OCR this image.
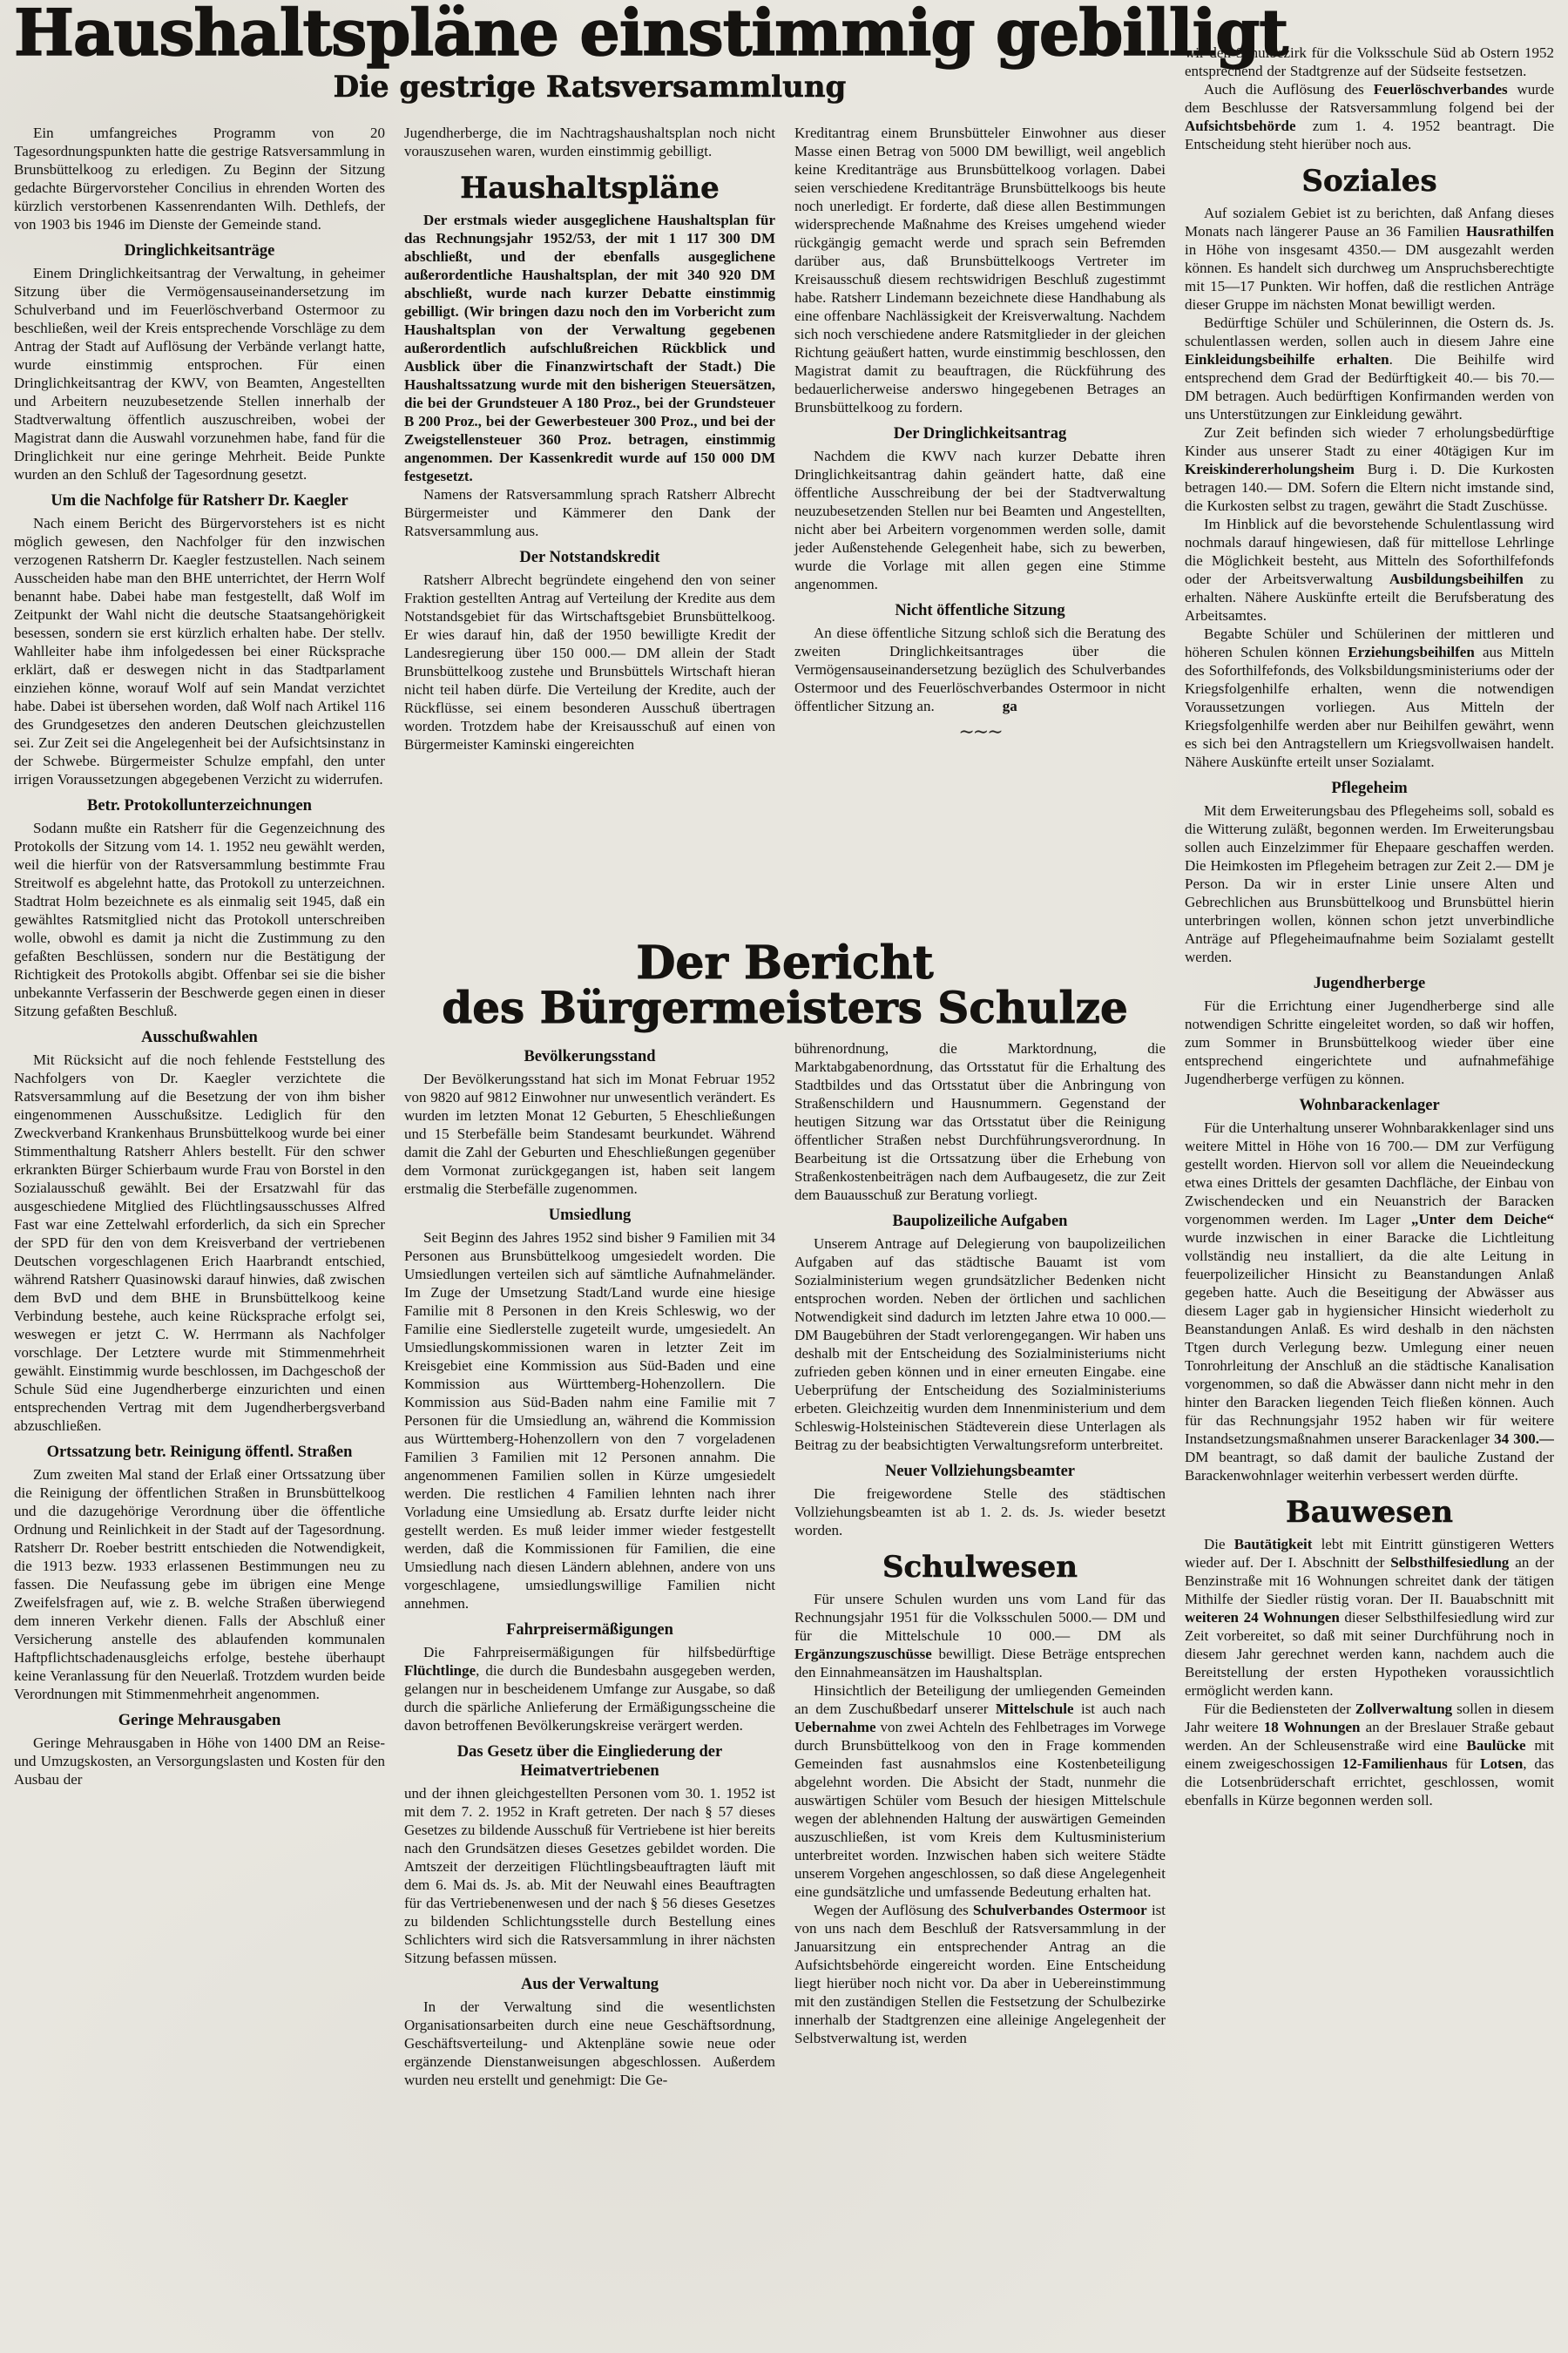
Haushaltspläne einstimmig gebilligt
Die gestrige Ratsversammlung

Ein umfangreiches Programm von 20 Tagesordnungspunkten hatte die gestrige Ratsversammlung in Brunsbüttelkoog zu erledigen. Zu Beginn der Sitzung gedachte Bürgervorsteher Concilius in ehrenden Worten des kürzlich verstorbenen Kassenrendanten Wilh. Dethlefs, der von 1903 bis 1946 im Dienste der Gemeinde stand.

Dringlichkeitsanträge

Einem Dringlichkeitsantrag der Verwaltung, in geheimer Sitzung über die Vermögensauseinandersetzung im Schulverband und im Feuerlöschverband Ostermoor zu beschließen, weil der Kreis entsprechende Vorschläge zu dem Antrag der Stadt auf Auflösung der Verbände verlangt hatte, wurde einstimmig entsprochen. Für einen Dringlichkeitsantrag der KWV, von Beamten, Angestellten und Arbeitern neuzubesetzende Stellen innerhalb der Stadtverwaltung öffentlich auszuschreiben, wobei der Magistrat dann die Auswahl vorzunehmen habe, fand für die Dringlichkeit nur eine geringe Mehrheit. Beide Punkte wurden an den Schluß der Tagesordnung gesetzt.

Um die Nachfolge für Ratsherr Dr. Kaegler

Nach einem Bericht des Bürgervorstehers ist es nicht möglich gewesen, den Nachfolger für den inzwischen verzogenen Ratsherrn Dr. Kaegler festzustellen. Nach seinem Ausscheiden habe man den BHE unterrichtet, der Herrn Wolf benannt habe. Dabei habe man festgestellt, daß Wolf im Zeitpunkt der Wahl nicht die deutsche Staatsangehörigkeit besessen, sondern sie erst kürzlich erhalten habe. Der stellv. Wahlleiter habe ihm infolgedessen bei einer Rücksprache erklärt, daß er deswegen nicht in das Stadtparlament einziehen könne, worauf Wolf auf sein Mandat verzichtet habe. Dabei ist übersehen worden, daß Wolf nach Artikel 116 des Grundgesetzes den anderen Deutschen gleichzustellen sei. Zur Zeit sei die Angelegenheit bei der Aufsichtsinstanz in der Schwebe. Bürgermeister Schulze empfahl, den unter irrigen Voraussetzungen abgegebenen Verzicht zu widerrufen.

Betr. Protokollunterzeichnungen

Sodann mußte ein Ratsherr für die Gegenzeichnung des Protokolls der Sitzung vom 14. 1. 1952 neu gewählt werden, weil die hierfür von der Ratsversammlung bestimmte Frau Streitwolf es abgelehnt hatte, das Protokoll zu unterzeichnen. Stadtrat Holm bezeichnete es als einmalig seit 1945, daß ein gewähltes Ratsmitglied nicht das Protokoll unterschreiben wolle, obwohl es damit ja nicht die Zustimmung zu den gefaßten Beschlüssen, sondern nur die Bestätigung der Richtigkeit des Protokolls abgibt. Offenbar sei sie die bisher unbekannte Verfasserin der Beschwerde gegen einen in dieser Sitzung gefaßten Beschluß.

Ausschußwahlen

Mit Rücksicht auf die noch fehlende Feststellung des Nachfolgers von Dr. Kaegler verzichtete die Ratsversammlung auf die Besetzung der von ihm bisher eingenommenen Ausschußsitze. Lediglich für den Zweckverband Krankenhaus Brunsbüttelkoog wurde bei einer Stimmenthaltung Ratsherr Ahlers bestellt. Für den schwer erkrankten Bürger Schierbaum wurde Frau von Borstel in den Sozialausschuß gewählt. Bei der Ersatzwahl für das ausgeschiedene Mitglied des Flüchtlingsausschusses Alfred Fast war eine Zettelwahl erforderlich, da sich ein Sprecher der SPD für den von dem Kreisverband der vertriebenen Deutschen vorgeschlagenen Erich Haarbrandt entschied, während Ratsherr Quasinowski darauf hinwies, daß zwischen dem BvD und dem BHE in Brunsbüttelkoog keine Verbindung bestehe, auch keine Rücksprache erfolgt sei, weswegen er jetzt C. W. Herrmann als Nachfolger vorschlage. Der Letztere wurde mit Stimmenmehrheit gewählt. Einstimmig wurde beschlossen, im Dachgeschoß der Schule Süd eine Jugendherberge einzurichten und einen entsprechenden Vertrag mit dem Jugendherbergsverband abzuschließen.

Ortssatzung betr. Reinigung öffentl. Straßen

Zum zweiten Mal stand der Erlaß einer Ortssatzung über die Reinigung der öffentlichen Straßen in Brunsbüttelkoog und die dazugehörige Verordnung über die öffentliche Ordnung und Reinlichkeit in der Stadt auf der Tagesordnung. Ratsherr Dr. Roeber bestritt entschieden die Notwendigkeit, die 1913 bezw. 1933 erlassenen Bestimmungen neu zu fassen. Die Neufassung gebe im übrigen eine Menge Zweifelsfragen auf, wie z. B. welche Straßen überwiegend dem inneren Verkehr dienen. Falls der Abschluß einer Versicherung anstelle des ablaufenden kommunalen Haftpflichtschadenausgleichs erfolge, bestehe überhaupt keine Veranlassung für den Neuerlaß. Trotzdem wurden beide Verordnungen mit Stimmenmehrheit angenommen.

Geringe Mehrausgaben

Geringe Mehrausgaben in Höhe von 1400 DM an Reise- und Umzugskosten, an Versorgungslasten und Kosten für den Ausbau der

Jugendherberge, die im Nachtragshaushaltsplan noch nicht vorauszusehen waren, wurden einstimmig gebilligt.

Haushaltspläne

Der erstmals wieder ausgeglichene Haushaltsplan für das Rechnungsjahr 1952/53, der mit 1 117 300 DM abschließt, und der ebenfalls ausgeglichene außerordentliche Haushaltsplan, der mit 340 920 DM abschließt, wurde nach kurzer Debatte einstimmig gebilligt. (Wir bringen dazu noch den im Vorbericht zum Haushaltsplan von der Verwaltung gegebenen außerordentlich aufschlußreichen Rückblick und Ausblick über die Finanzwirtschaft der Stadt.) Die Haushaltssatzung wurde mit den bisherigen Steuersätzen, die bei der Grundsteuer A 180 Proz., bei der Grundsteuer B 200 Proz., bei der Gewerbesteuer 300 Proz., und bei der Zweigstellensteuer 360 Proz. betragen, einstimmig angenommen. Der Kassenkredit wurde auf 150 000 DM festgesetzt.

Namens der Ratsversammlung sprach Ratsherr Albrecht Bürgermeister und Kämmerer den Dank der Ratsversammlung aus.

Der Notstandskredit

Ratsherr Albrecht begründete eingehend den von seiner Fraktion gestellten Antrag auf Verteilung der Kredite aus dem Notstandsgebiet für das Wirtschaftsgebiet Brunsbüttelkoog. Er wies darauf hin, daß der 1950 bewilligte Kredit der Landesregierung über 150 000.— DM allein der Stadt Brunsbüttelkoog zustehe und Brunsbüttels Wirtschaft hieran nicht teil haben dürfe. Die Verteilung der Kredite, auch der Rückflüsse, sei einem besonderen Ausschuß übertragen worden. Trotzdem habe der Kreisausschuß auf einen von Bürgermeister Kaminski eingereichten

Kreditantrag einem Brunsbütteler Einwohner aus dieser Masse einen Betrag von 5000 DM bewilligt, weil angeblich keine Kreditanträge aus Brunsbüttelkoog vorlagen. Dabei seien verschiedene Kreditanträge Brunsbüttelkoogs bis heute noch unerledigt. Er forderte, daß diese allen Bestimmungen widersprechende Maßnahme des Kreises umgehend wieder rückgängig gemacht werde und sprach sein Befremden darüber aus, daß Brunsbüttelkoogs Vertreter im Kreisausschuß diesem rechtswidrigen Beschluß zugestimmt habe. Ratsherr Lindemann bezeichnete diese Handhabung als eine offenbare Nachlässigkeit der Kreisverwaltung. Nachdem sich noch verschiedene andere Ratsmitglieder in der gleichen Richtung geäußert hatten, wurde einstimmig beschlossen, den Magistrat damit zu beauftragen, die Rückführung des bedauerlicherweise anderswo hingegebenen Betrages an Brunsbüttelkoog zu fordern.

Der Dringlichkeitsantrag

Nachdem die KWV nach kurzer Debatte ihren Dringlichkeitsantrag dahin geändert hatte, daß eine öffentliche Ausschreibung der bei der Stadtverwaltung neuzubesetzenden Stellen nur bei Beamten und Angestellten, nicht aber bei Arbeitern vorgenommen werden solle, damit jeder Außenstehende Gelegenheit habe, sich zu bewerben, wurde die Vorlage mit allen gegen eine Stimme angenommen.

Nicht öffentliche Sitzung

An diese öffentliche Sitzung schloß sich die Beratung des zweiten Dringlichkeitsantrages über die Vermögensauseinandersetzung bezüglich des Schulverbandes Ostermoor und des Feuerlöschverbandes Ostermoor in nicht öffentlicher Sitzung an.	ga

∼∼∼
Der Bericht
des Bürgermeisters Schulze
Bevölkerungsstand

Der Bevölkerungsstand hat sich im Monat Februar 1952 von 9820 auf 9812 Einwohner nur unwesentlich verändert. Es wurden im letzten Monat 12 Geburten, 5 Eheschließungen und 15 Sterbefälle beim Standesamt beurkundet. Während damit die Zahl der Geburten und Eheschließungen gegenüber dem Vormonat zurückgegangen ist, haben seit langem erstmalig die Sterbefälle zugenommen.

Umsiedlung

Seit Beginn des Jahres 1952 sind bisher 9 Familien mit 34 Personen aus Brunsbüttelkoog umgesiedelt worden. Die Umsiedlungen verteilen sich auf sämtliche Aufnahmeländer. Im Zuge der Umsetzung Stadt/Land wurde eine hiesige Familie mit 8 Personen in den Kreis Schleswig, wo der Familie eine Siedlerstelle zugeteilt wurde, umgesiedelt. An Umsiedlungskommissionen waren in letzter Zeit im Kreisgebiet eine Kommission aus Süd-Baden und eine Kommission aus Württemberg-Hohenzollern. Die Kommission aus Süd-Baden nahm eine Familie mit 7 Personen für die Umsiedlung an, während die Kommission aus Württemberg-Hohenzollern von den 7 vorgeladenen Familien 3 Familien mit 12 Personen annahm. Die angenommenen Familien sollen in Kürze umgesiedelt werden. Die restlichen 4 Familien lehnten nach ihrer Vorladung eine Umsiedlung ab. Ersatz durfte leider nicht gestellt werden. Es muß leider immer wieder festgestellt werden, daß die Kommissionen für Familien, die eine Umsiedlung nach diesen Ländern ablehnen, andere von uns vorgeschlagene, umsiedlungswillige Familien nicht annehmen.

Fahrpreisermäßigungen

Die Fahrpreisermäßigungen für hilfsbedürftige Flüchtlinge, die durch die Bundesbahn ausgegeben werden, gelangen nur in bescheidenem Umfange zur Ausgabe, so daß durch die spärliche Anlieferung der Ermäßigungsscheine die davon betroffenen Bevölkerungskreise verärgert werden.

Das Gesetz über die Eingliederung der Heimatvertriebenen

und der ihnen gleichgestellten Personen vom 30. 1. 1952 ist mit dem 7. 2. 1952 in Kraft getreten. Der nach § 57 dieses Gesetzes zu bildende Ausschuß für Vertriebene ist hier bereits nach den Grundsätzen dieses Gesetzes gebildet worden. Die Amtszeit der derzeitigen Flüchtlingsbeauftragten läuft mit dem 6. Mai ds. Js. ab. Mit der Neuwahl eines Beauftragten für das Vertriebenenwesen und der nach § 56 dieses Gesetzes zu bildenden Schlichtungsstelle durch Bestellung eines Schlichters wird sich die Ratsversammlung in ihrer nächsten Sitzung befassen müssen.

Aus der Verwaltung

In der Verwaltung sind die wesentlichsten Organisationsarbeiten durch eine neue Geschäftsordnung, Geschäftsverteilung- und Aktenpläne sowie neue oder ergänzende Dienstanweisungen abgeschlossen. Außerdem wurden neu erstellt und genehmigt: Die Ge-

bührenordnung, die Marktordnung, die Marktabgabenordnung, das Ortsstatut für die Erhaltung des Stadtbildes und das Ortsstatut über die Anbringung von Straßenschildern und Hausnummern. Gegenstand der heutigen Sitzung war das Ortsstatut über die Reinigung öffentlicher Straßen nebst Durchführungsverordnung. In Bearbeitung ist die Ortssatzung über die Erhebung von Straßenkostenbeiträgen nach dem Aufbaugesetz, die zur Zeit dem Bauausschuß zur Beratung vorliegt.

Baupolizeiliche Aufgaben

Unserem Antrage auf Delegierung von baupolizeilichen Aufgaben auf das städtische Bauamt ist vom Sozialministerium wegen grundsätzlicher Bedenken nicht entsprochen worden. Neben der örtlichen und sachlichen Notwendigkeit sind dadurch im letzten Jahre etwa 10 000.— DM Baugebühren der Stadt verlorengegangen. Wir haben uns deshalb mit der Entscheidung des Sozialministeriums nicht zufrieden geben können und in einer erneuten Eingabe. eine Ueberprüfung der Entscheidung des Sozialministeriums erbeten. Gleichzeitig wurden dem Innenministerium und dem Schleswig-Holsteinischen Städteverein diese Unterlagen als Beitrag zu der beabsichtigten Verwaltungsreform unterbreitet.

Neuer Vollziehungsbeamter

Die freigewordene Stelle des städtischen Vollziehungsbeamten ist ab 1. 2. ds. Js. wieder besetzt worden.

Schulwesen

Für unsere Schulen wurden uns vom Land für das Rechnungsjahr 1951 für die Volksschulen 5000.— DM und für die Mittelschule 10 000.— DM als Ergänzungszuschüsse bewilligt. Diese Beträge entsprechen den Einnahmeansätzen im Haushaltsplan.

Hinsichtlich der Beteiligung der umliegenden Gemeinden an dem Zuschußbedarf unserer Mittelschule ist auch nach Uebernahme von zwei Achteln des Fehlbetrages im Vorwege durch Brunsbüttelkoog von den in Frage kommenden Gemeinden fast ausnahmslos eine Kostenbeteiligung abgelehnt worden. Die Absicht der Stadt, nunmehr die auswärtigen Schüler vom Besuch der hiesigen Mittelschule wegen der ablehnenden Haltung der auswärtigen Gemeinden auszuschließen, ist vom Kreis dem Kultusministerium unterbreitet worden. Inzwischen haben sich weitere Städte unserem Vorgehen angeschlossen, so daß diese Angelegenheit eine gundsätzliche und umfassende Bedeutung erhalten hat.

Wegen der Auflösung des Schulverbandes Ostermoor ist von uns nach dem Beschluß der Ratsversammlung in der Januarsitzung ein entsprechender Antrag an die Aufsichtsbehörde eingereicht worden. Eine Entscheidung liegt hierüber noch nicht vor. Da aber in Uebereinstimmung mit den zuständigen Stellen die Festsetzung der Schulbezirke innerhalb der Stadtgrenzen eine alleinige Angelegenheit der Selbstverwaltung ist, werden

wir den Schulbezirk für die Volksschule Süd ab Ostern 1952 entsprechend der Stadtgrenze auf der Südseite festsetzen.

Auch die Auflösung des Feuerlöschverbandes wurde dem Beschlusse der Ratsversammlung folgend bei der Aufsichtsbehörde zum 1. 4. 1952 beantragt. Die Entscheidung steht hierüber noch aus.

Soziales

Auf sozialem Gebiet ist zu berichten, daß Anfang dieses Monats nach längerer Pause an 36 Familien Hausrathilfen in Höhe von insgesamt 4350.— DM ausgezahlt werden können. Es handelt sich durchweg um Anspruchsberechtigte mit 15—17 Punkten. Wir hoffen, daß die restlichen Anträge dieser Gruppe im nächsten Monat bewilligt werden.

Bedürftige Schüler und Schülerinnen, die Ostern ds. Js. schulentlassen werden, sollen auch in diesem Jahre eine Einkleidungsbeihilfe erhalten. Die Beihilfe wird entsprechend dem Grad der Bedürftigkeit 40.— bis 70.— DM betragen. Auch bedürftigen Konfirmanden werden von uns Unterstützungen zur Einkleidung gewährt.

Zur Zeit befinden sich wieder 7 erholungsbedürftige Kinder aus unserer Stadt zu einer 40tägigen Kur im Kreiskindererholungsheim Burg i. D. Die Kurkosten betragen 140.— DM. Sofern die Eltern nicht imstande sind, die Kurkosten selbst zu tragen, gewährt die Stadt Zuschüsse.

Im Hinblick auf die bevorstehende Schulentlassung wird nochmals darauf hingewiesen, daß für mittellose Lehrlinge die Möglichkeit besteht, aus Mitteln des Soforthilfefonds oder der Arbeitsverwaltung Ausbildungsbeihilfen zu erhalten. Nähere Auskünfte erteilt die Berufsberatung des Arbeitsamtes.

Begabte Schüler und Schülerinen der mittleren und höheren Schulen können Erziehungsbeihilfen aus Mitteln des Soforthilfefonds, des Volksbildungsministeriums oder der Kriegsfolgenhilfe erhalten, wenn die notwendigen Voraussetzungen vorliegen. Aus Mitteln der Kriegsfolgenhilfe werden aber nur Beihilfen gewährt, wenn es sich bei den Antragstellern um Kriegsvollwaisen handelt. Nähere Auskünfte erteilt unser Sozialamt.

Pflegeheim

Mit dem Erweiterungsbau des Pflegeheims soll, sobald es die Witterung zuläßt, begonnen werden. Im Erweiterungsbau sollen auch Einzelzimmer für Ehepaare geschaffen werden. Die Heimkosten im Pflegeheim betragen zur Zeit 2.— DM je Person. Da wir in erster Linie unsere Alten und Gebrechlichen aus Brunsbüttelkoog und Brunsbüttel hierin unterbringen wollen, können schon jetzt unverbindliche Anträge auf Pflegeheimaufnahme beim Sozialamt gestellt werden.

Jugendherberge

Für die Errichtung einer Jugendherberge sind alle notwendigen Schritte eingeleitet worden, so daß wir hoffen, zum Sommer in Brunsbüttelkoog wieder über eine entsprechend eingerichtete und aufnahmefähige Jugendherberge verfügen zu können.

Wohnbarackenlager

Für die Unterhaltung unserer Wohnbarakkenlager sind uns weitere Mittel in Höhe von 16 700.— DM zur Verfügung gestellt worden. Hiervon soll vor allem die Neueindeckung etwa eines Drittels der gesamten Dachfläche, der Einbau von Zwischendecken und ein Neuanstrich der Baracken vorgenommen werden. Im Lager „Unter dem Deiche“ wurde inzwischen in einer Baracke die Lichtleitung vollständig neu installiert, da die alte Leitung in feuerpolizeilicher Hinsicht zu Beanstandungen Anlaß gegeben hatte. Auch die Beseitigung der Abwässer aus diesem Lager gab in hygiensicher Hinsicht wiederholt zu Beanstandungen Anlaß. Es wird deshalb in den nächsten Ttgen durch Verlegung bezw. Umlegung einer neuen Tonrohrleitung der Anschluß an die städtische Kanalisation vorgenommen, so daß die Abwässer dann nicht mehr in den hinter den Baracken liegenden Teich fließen können. Auch für das Rechnungsjahr 1952 haben wir für weitere Instandsetzungsmaßnahmen unserer Barackenlager 34 300.— DM beantragt, so daß damit der bauliche Zustand der Barackenwohnlager weiterhin verbessert werden dürfte.

Bauwesen

Die Bautätigkeit lebt mit Eintritt günstigeren Wetters wieder auf. Der I. Abschnitt der Selbsthilfesiedlung an der Benzinstraße mit 16 Wohnungen schreitet dank der tätigen Mithilfe der Siedler rüstig voran. Der II. Bauabschnitt mit weiteren 24 Wohnungen dieser Selbsthilfesiedlung wird zur Zeit vorbereitet, so daß mit seiner Durchführung noch in diesem Jahr gerechnet werden kann, nachdem auch die Bereitstellung der ersten Hypotheken voraussichtlich ermöglicht werden kann.

Für die Bediensteten der Zollverwaltung sollen in diesem Jahr weitere 18 Wohnungen an der Breslauer Straße gebaut werden. An der Schleusenstraße wird eine Baulücke mit einem zweigeschossigen 12-Familienhaus für Lotsen, das die Lotsenbrüderschaft errichtet, geschlossen, womit ebenfalls in Kürze begonnen werden soll.
